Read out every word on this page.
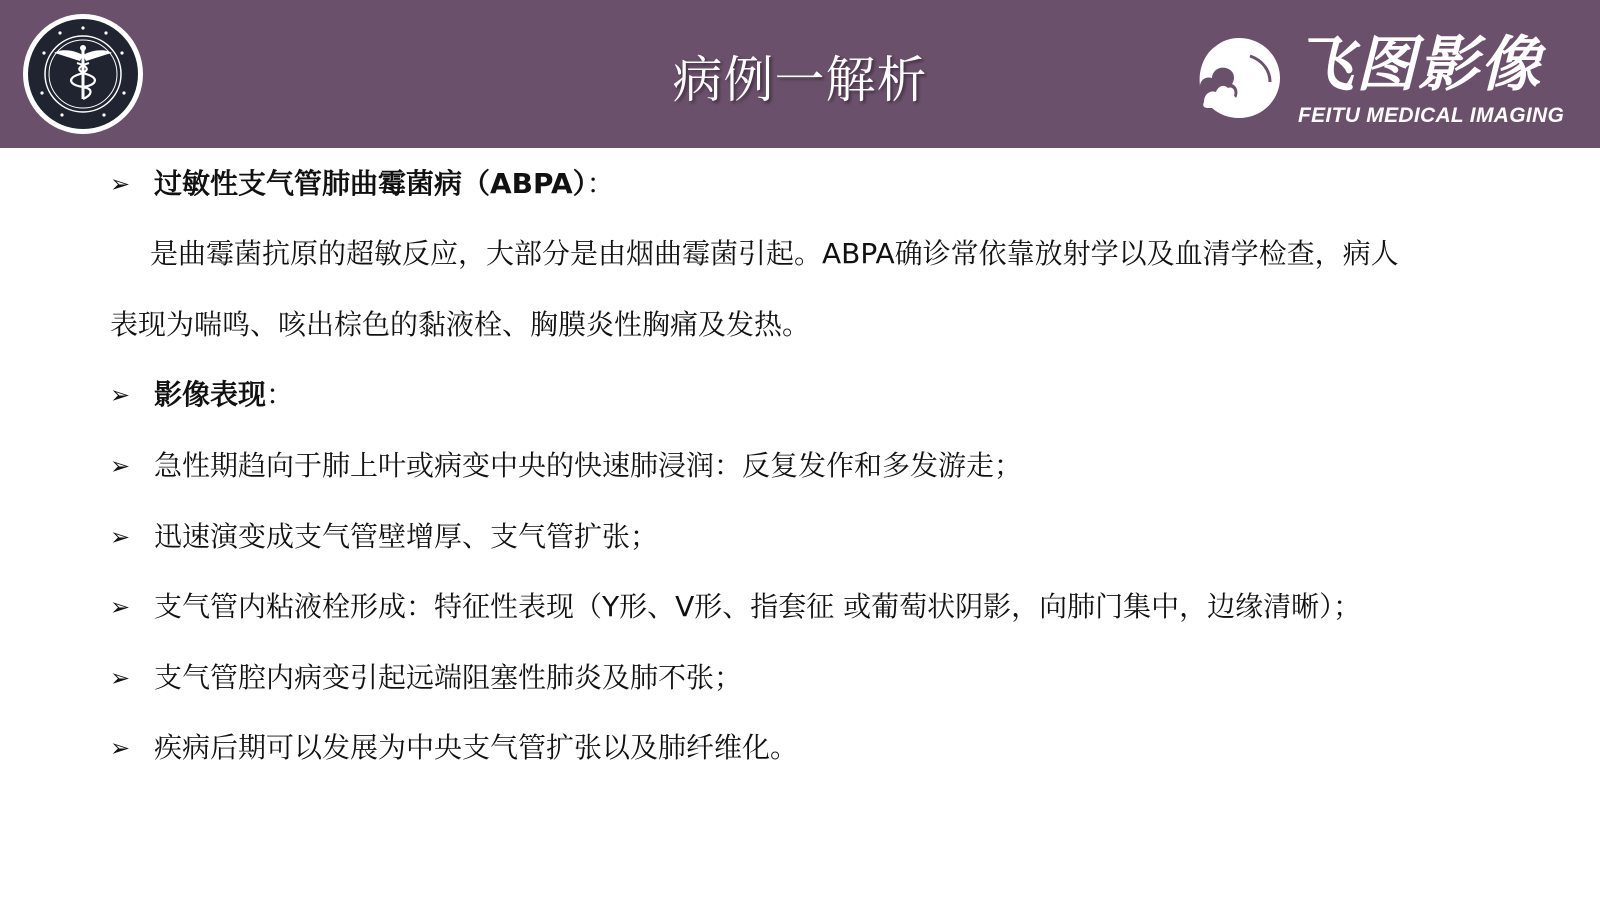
病例一解析	飞图影像
FEITU MEDICAL IMAGING
➢ 过敏性支气管肺曲霉菌病（ABPA）：
是曲霉菌抗原的超敏反应，大部分是由烟曲霉菌引起。ABPA确诊常依靠放射学以及血清学检查，病人
表现为喘鸣、咳出棕色的黏液栓、胸膜炎性胸痛及发热。
➢ 影像表现：
➢ 急性期趋向于肺上叶或病变中央的快速肺浸润：反复发作和多发游走；
➢ 迅速演变成支气管壁增厚、支气管扩张；
➢ 支气管内粘液栓形成：特征性表现（Y形、V形、指套征 或葡萄状阴影，向肺门集中，边缘清晰）；
➢ 支气管腔内病变引起远端阻塞性肺炎及肺不张；
➢ 疾病后期可以发展为中央支气管扩张以及肺纤维化。
